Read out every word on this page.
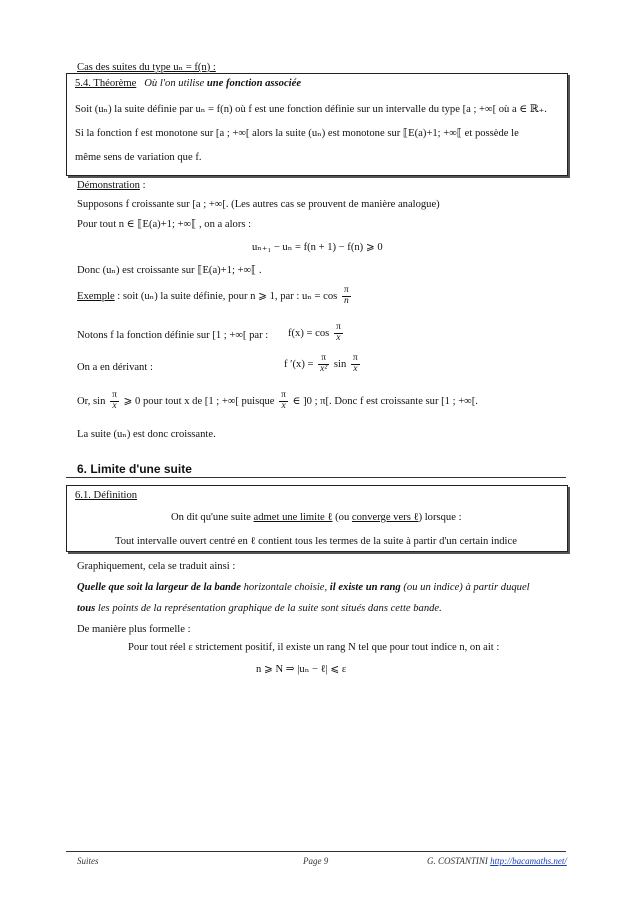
Cas des suites du type uₙ = f(n) :
5.4. Théorème Où l'on utilise une fonction associée
Soit (uₙ) la suite définie par uₙ = f(n) où f est une fonction définie sur un intervalle du type [a ; +∞[ où a ∈ ℝ₊.
Si la fonction f est monotone sur [a ; +∞[ alors la suite (uₙ) est monotone sur ⟦E(a)+1; +∞⟦ et possède le
même sens de variation que f.
Démonstration :
Supposons f croissante sur [a ; +∞[. (Les autres cas se prouvent de manière analogue)
Pour tout n ∈ ⟦E(a)+1; +∞⟦ , on a alors :
uₙ₊₁ − uₙ = f(n + 1) − f(n) ⩾ 0
Donc (uₙ) est croissante sur ⟦E(a)+1; +∞⟦ .
Exemple : soit (uₙ) la suite définie, pour n ⩾ 1, par : $u_n = \cos \frac{\pi}{n}$
Notons f la fonction définie sur [1 ; +∞[ par : $f(x) = \cos \frac{\pi}{x}$
On a en dérivant :	f $'(x) = \frac{\pi}{\text{x²}}$ $\sin \frac{\pi}{x}$
Or, $\sin \frac{\pi}{x}$ ⩾ 0 pour tout x de [1 ; +∞[ puisque $\frac{\pi}{x}$ ∈ ]0 ; π[. Donc f est croissante sur [1 ; +∞[.
La suite (uₙ) est donc croissante.
6. Limite d'une suite
6.1. Définition
On dit qu'une suite admet une limite ℓ (ou converge vers ℓ) lorsque :
Tout intervalle ouvert centré en ℓ contient tous les termes de la suite à partir d'un certain indice
Graphiquement, cela se traduit ainsi :
Quelle que soit la largeur de la bande horizontale choisie, il existe un rang (ou un indice) à partir duquel
tous les points de la représentation graphique de la suite sont situés dans cette bande.
De manière plus formelle :
Pour tout réel ε strictement positif, il existe un rang N tel que pour tout indice n, on ait :
n ⩾ N ⇒ |uₙ − ℓ| ⩽ ε
Suites	Page 9	G. COSTANTINI http://bacamaths.net/
